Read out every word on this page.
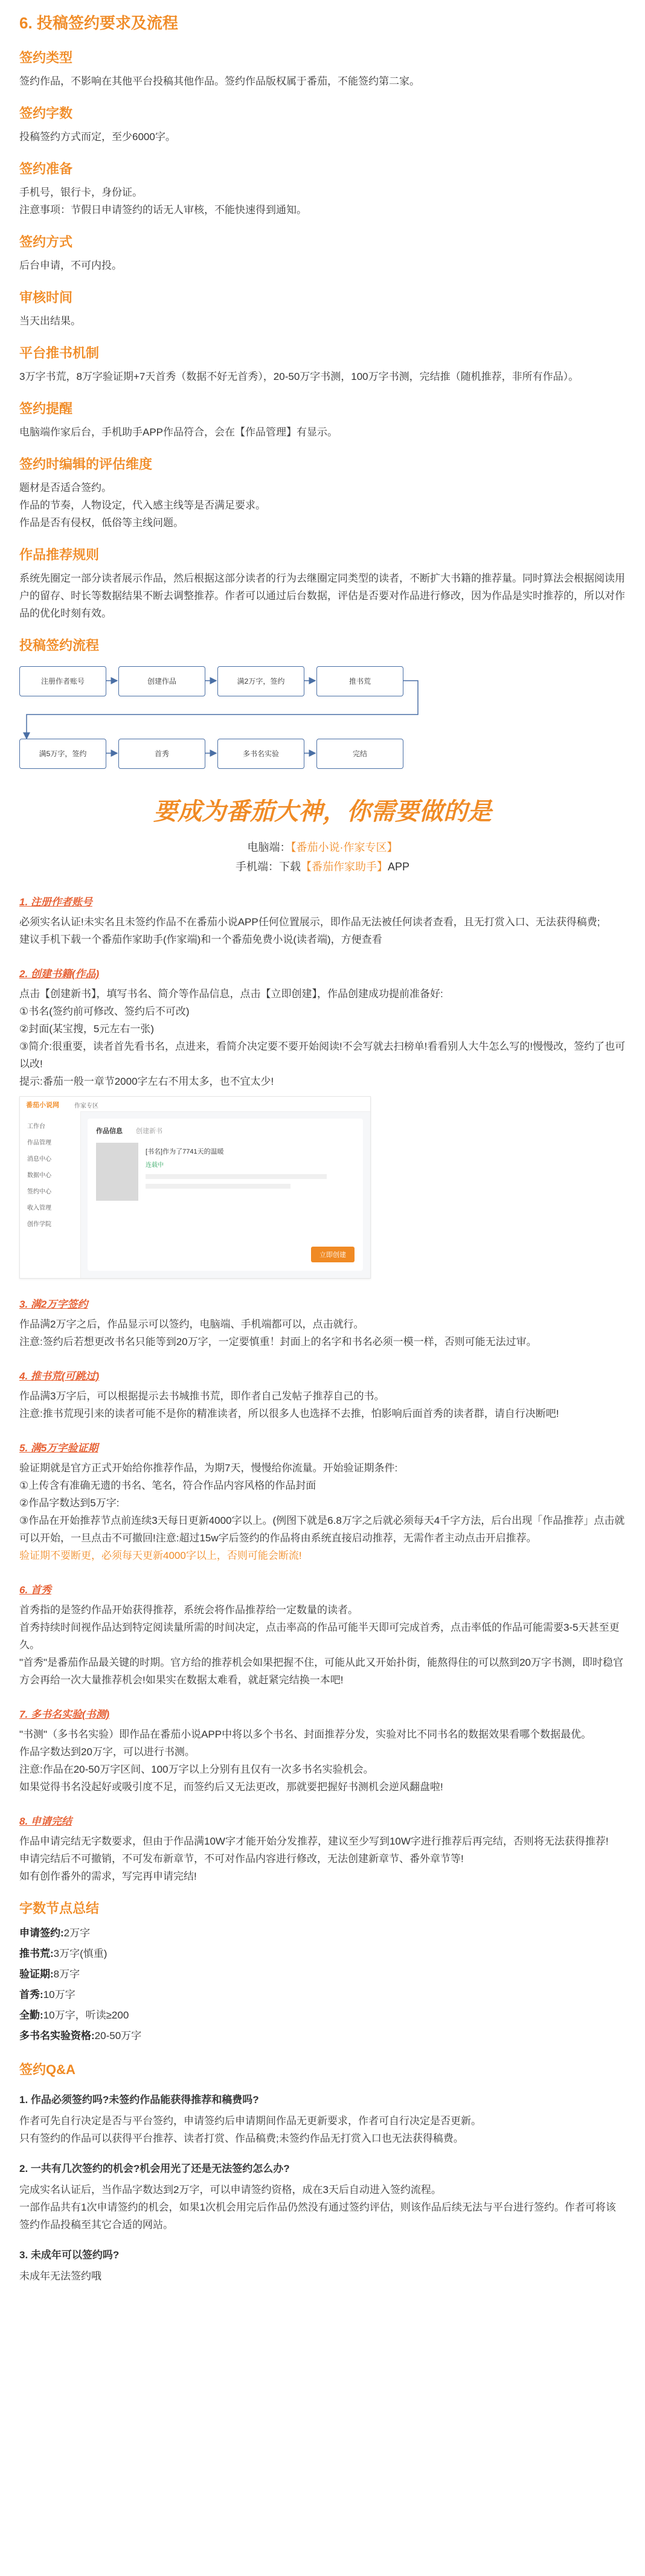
6. 投稿签约要求及流程
签约类型

签约作品，不影响在其他平台投稿其他作品。签约作品版权属于番茄，不能签约第二家。

签约字数

投稿签约方式而定，至少6000字。

签约准备

手机号，银行卡，身份证。

注意事项：节假日申请签约的话无人审核，不能快速得到通知。

签约方式

后台申请，不可内投。

审核时间

当天出结果。

平台推书机制

3万字书荒，8万字验证期+7天首秀（数据不好无首秀），20-50万字书测，100万字书测，完结推（随机推荐，非所有作品）。

签约提醒

电脑端作家后台，手机助手APP作品符合，会在【作品管理】有显示。

签约时编辑的评估维度

题材是否适合签约。

作品的节奏，人物设定，代入感主线等是否满足要求。

作品是否有侵权，低俗等主线问题。

作品推荐规则

系统先圈定一部分读者展示作品，然后根据这部分读者的行为去继圈定同类型的读者，不断扩大书籍的推荐量。同时算法会根据阅读用户的留存、时长等数据结果不断去调整推荐。作者可以通过后台数据，评估是否要对作品进行修改，因为作品是实时推荐的，所以对作品的优化时刻有效。

投稿签约流程
注册作者账号	创建作品	满2万字，签约	推书荒
满5万字，签约	首秀	多书名实验	完结
要成为番茄大神，你需要做的是
电脑端：【番茄小说·作家专区】
手机端：下载【番茄作家助手】APP
1. 注册作者账号

必须实名认证!未实名且未签约作品不在番茄小说APP任何位置展示，即作品无法被任何读者查看，且无打赏入口、无法获得稿费;

建议手机下载一个番茄作家助手(作家端)和一个番茄免费小说(读者端)，方便查看

2. 创建书籍(作品)

点击【创建新书】，填写书名、简介等作品信息，点击【立即创建】，作品创建成功提前准备好:

①书名(签约前可修改、签约后不可改)

②封面(某宝搜，5元左右一张)

③简介:很重要，读者首先看书名，点进来，看简介决定要不要开始阅读!不会写就去扫榜单!看看别人大牛怎么写的!慢慢改，签约了也可以改!

提示:番茄一般一章节2000字左右不用太多，也不宜太少!

番茄小说网	作家专区
工作台
作品管理
消息中心
数据中心
签约中心
收入管理
创作学院
作品信息 创建新书
[书名]作为了7741天的温暖
连载中
立即创建
3. 满2万字签约

作品满2万字之后，作品显示可以签约，电脑端、手机端都可以，点击就行。

注意:签约后若想更改书名只能等到20万字，一定要慎重！封面上的名字和书名必须一模一样，否则可能无法过审。

4. 推书荒(可跳过)

作品满3万字后，可以根据提示去书城推书荒，即作者自己发帖子推荐自己的书。

注意:推书荒现引来的读者可能不是你的精准读者，所以很多人也选择不去推，怕影响后面首秀的读者群，请自行决断吧!

5. 满5万字验证期

验证期就是官方正式开始给你推荐作品，为期7天，慢慢给你流量。开始验证期条件:

①上传含有准确无遗的书名、笔名，符合作品内容风格的作品封面

②作品字数达到5万字:

③作品在开始推荐节点前连续3天每日更新4000字以上。(例图下就是6.8万字之后就必须每天4千字方法，后台出现「作品推荐」点击就可以开始，一旦点击不可撤回!注意:超过15w字后签约的作品将由系统直接启动推荐，无需作者主动点击开启推荐。

验证期不要断更，必须每天更新4000字以上，否则可能会断流!

6. 首秀

首秀指的是签约作品开始获得推荐，系统会将作品推荐给一定数量的读者。

首秀持续时间视作品达到特定阅读量所需的时间决定，点击率高的作品可能半天即可完成首秀，点击率低的作品可能需要3-5天甚至更久。

"首秀"是番茄作品最关键的时期。官方给的推荐机会如果把握不住，可能从此又开始扑街，能熬得住的可以熬到20万字书测，即时稳官方会再给一次大量推荐机会!如果实在数据太难看，就赶紧完结换一本吧!

7. 多书名实验(书测)

"书测"（多书名实验）即作品在番茄小说APP中将以多个书名、封面推荐分发，实验对比不同书名的数据效果看哪个数据最优。

作品字数达到20万字，可以进行书测。

注意:作品在20-50万字区间、100万字以上分别有且仅有一次多书名实验机会。

如果觉得书名没起好或吸引度不足，而签约后又无法更改，那就要把握好书测机会逆风翻盘啦!

8. 申请完结

作品申请完结无字数要求，但由于作品满10W字才能开始分发推荐，建议至少写到10W字进行推荐后再完结，否则将无法获得推荐!

申请完结后不可撤销，不可发布新章节，不可对作品内容进行修改，无法创建新章节、番外章节等!

如有创作番外的需求，写完再申请完结!

字数节点总结
申请签约:2万字
推书荒:3万字(慎重)
验证期:8万字
首秀:10万字
全勤:10万字，听读≥200
多书名实验资格:20-50万字
签约Q&A
1. 作品必须签约吗?未签约作品能获得推荐和稿费吗?

作者可先自行决定是否与平台签约，申请签约后申请期间作品无更新要求，作者可自行决定是否更新。

只有签约的作品可以获得平台推荐、读者打赏、作品稿费;未签约作品无打赏入口也无法获得稿费。

2. 一共有几次签约的机会?机会用光了还是无法签约怎么办?

完成实名认证后，当作品字数达到2万字，可以申请签约资格，成在3天后自动进入签约流程。

一部作品共有1次申请签约的机会，如果1次机会用完后作品仍然没有通过签约评估，则该作品后续无法与平台进行签约。作者可将该签约作品投稿至其它合适的网站。

3. 未成年可以签约吗?

未成年无法签约哦
